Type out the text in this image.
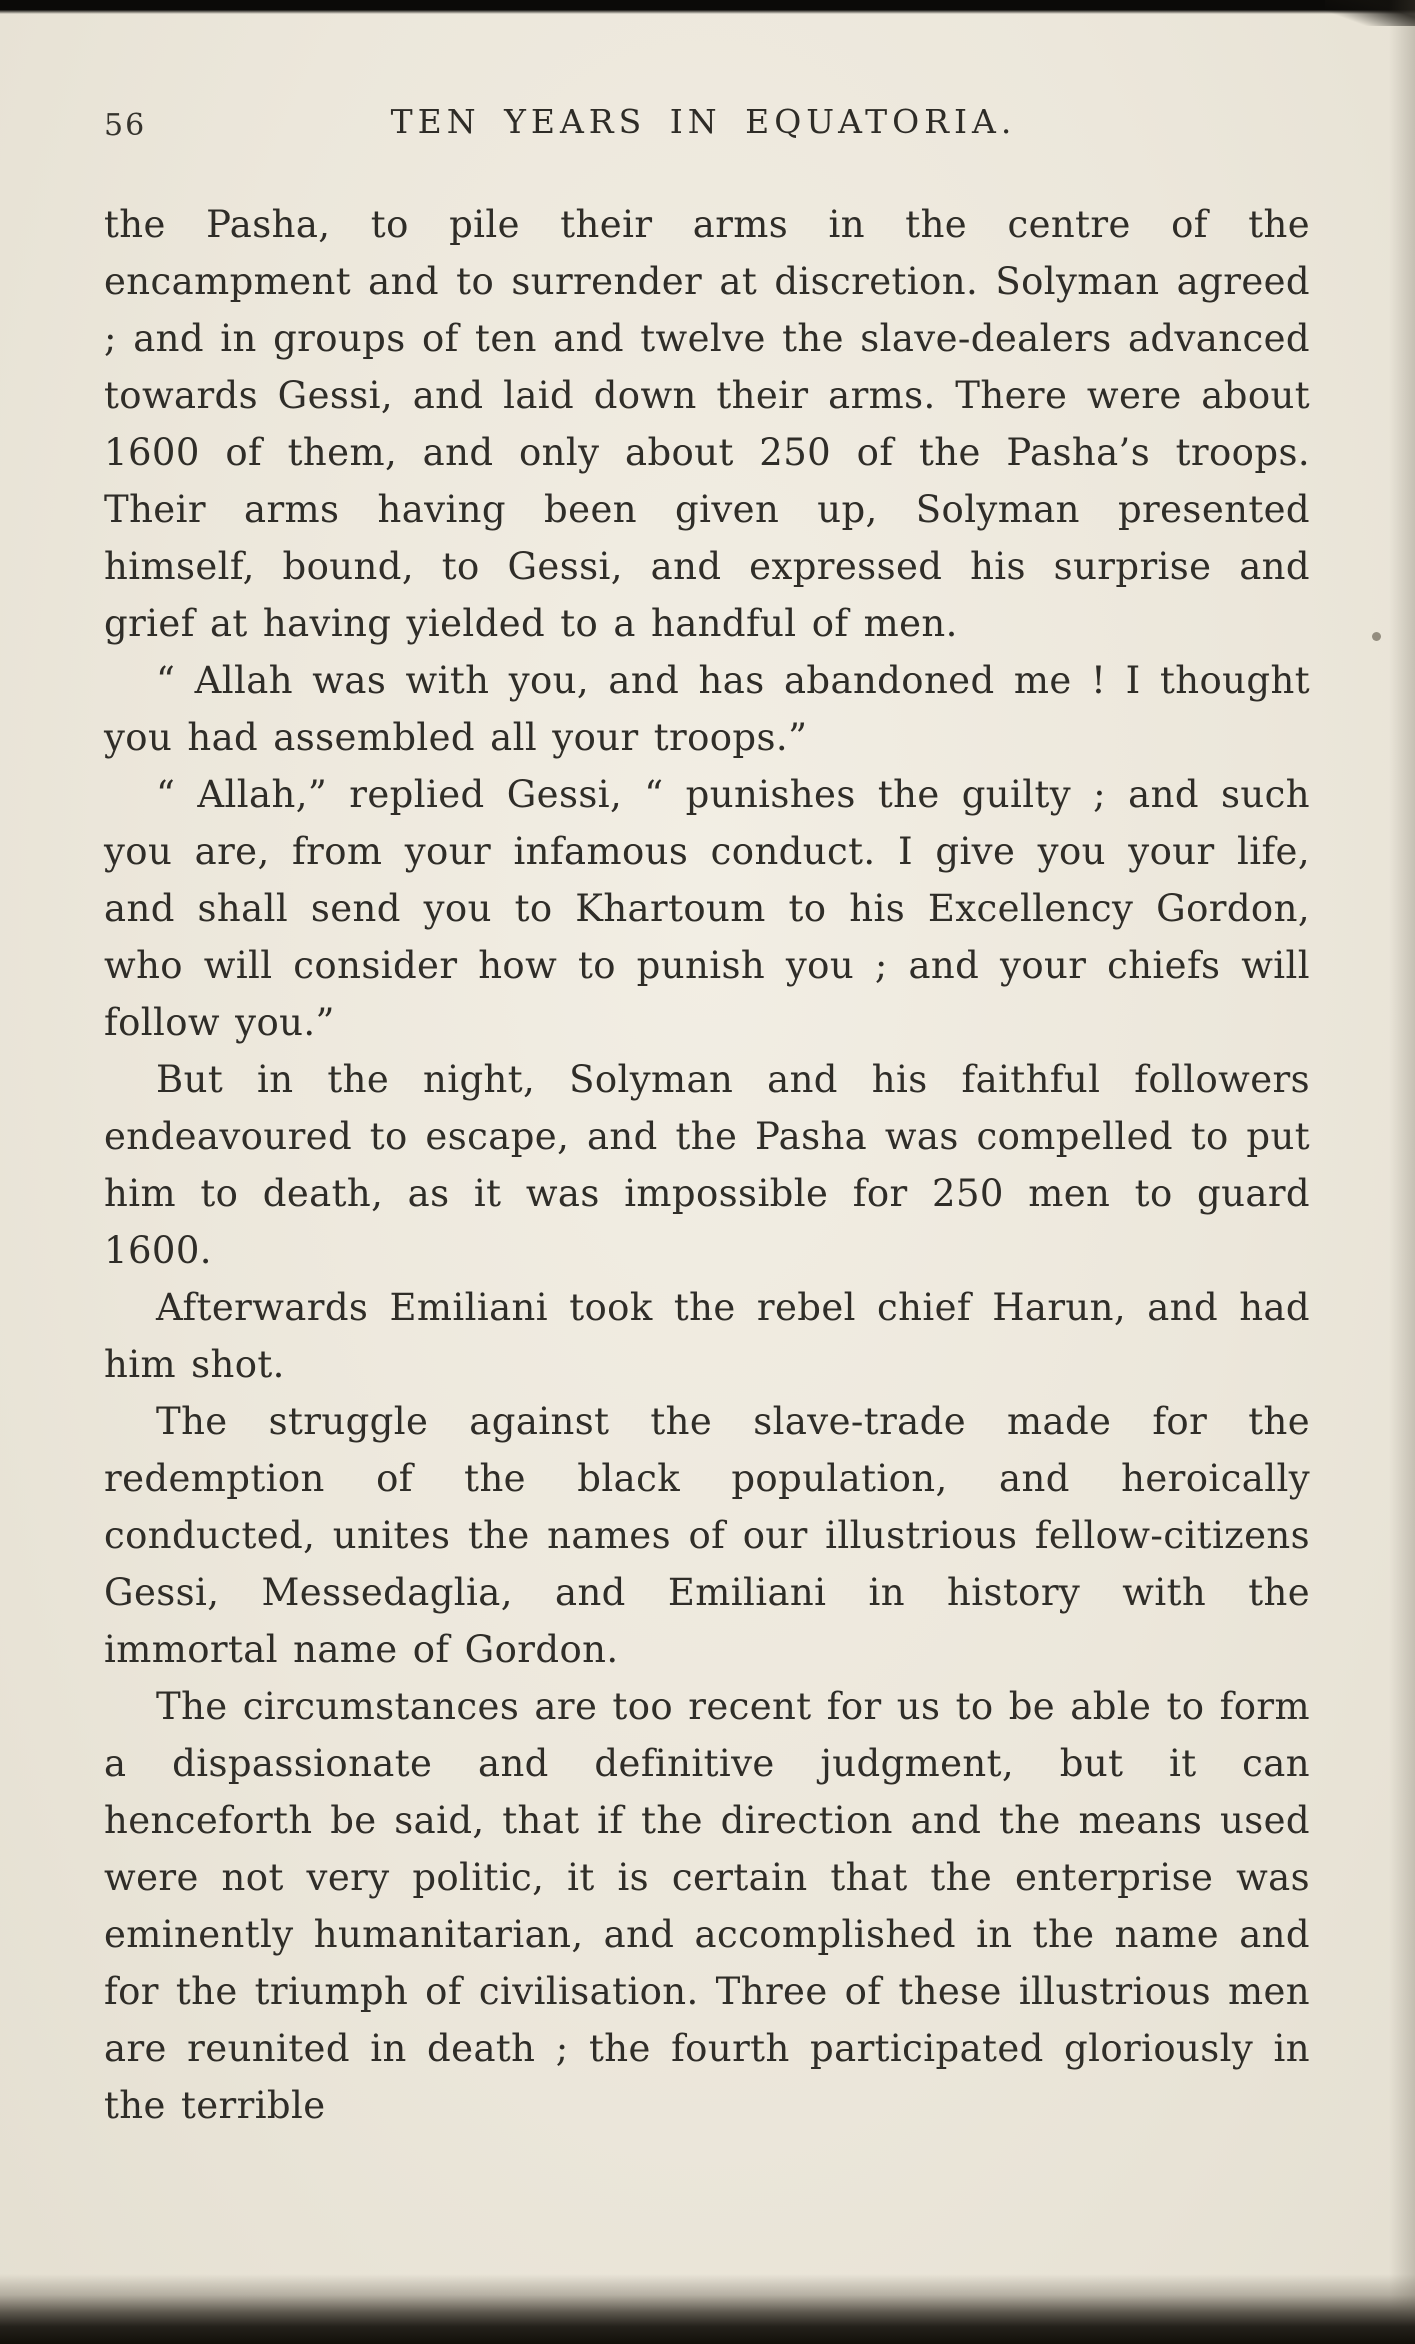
56	TEN YEARS IN EQUATORIA.

the Pasha, to pile their arms in the centre of the encampment and to surrender at discretion. Solyman agreed ; and in groups of ten and twelve the slave-dealers advanced towards Gessi, and laid down their arms. There were about 1600 of them, and only about 250 of the Pasha’s troops. Their arms having been given up, Solyman presented himself, bound, to Gessi, and expressed his surprise and grief at having yielded to a handful of men.

“ Allah was with you, and has abandoned me ! I thought you had assembled all your troops.”

“ Allah,” replied Gessi, “ punishes the guilty ; and such you are, from your infamous conduct. I give you your life, and shall send you to Khartoum to his Excellency Gordon, who will consider how to punish you ; and your chiefs will follow you.”

But in the night, Solyman and his faithful followers endeavoured to escape, and the Pasha was compelled to put him to death, as it was impossible for 250 men to guard 1600.

Afterwards Emiliani took the rebel chief Harun, and had him shot.

The struggle against the slave-trade made for the redemption of the black population, and heroically conducted, unites the names of our illustrious fellow-citizens Gessi, Messedaglia, and Emiliani in history with the immortal name of Gordon.

The circumstances are too recent for us to be able to form a dispassionate and definitive judgment, but it can henceforth be said, that if the direction and the means used were not very politic, it is certain that the enterprise was eminently humanitarian, and accomplished in the name and for the triumph of civilisation. Three of these illustrious men are reunited in death ; the fourth participated gloriously in the terrible
